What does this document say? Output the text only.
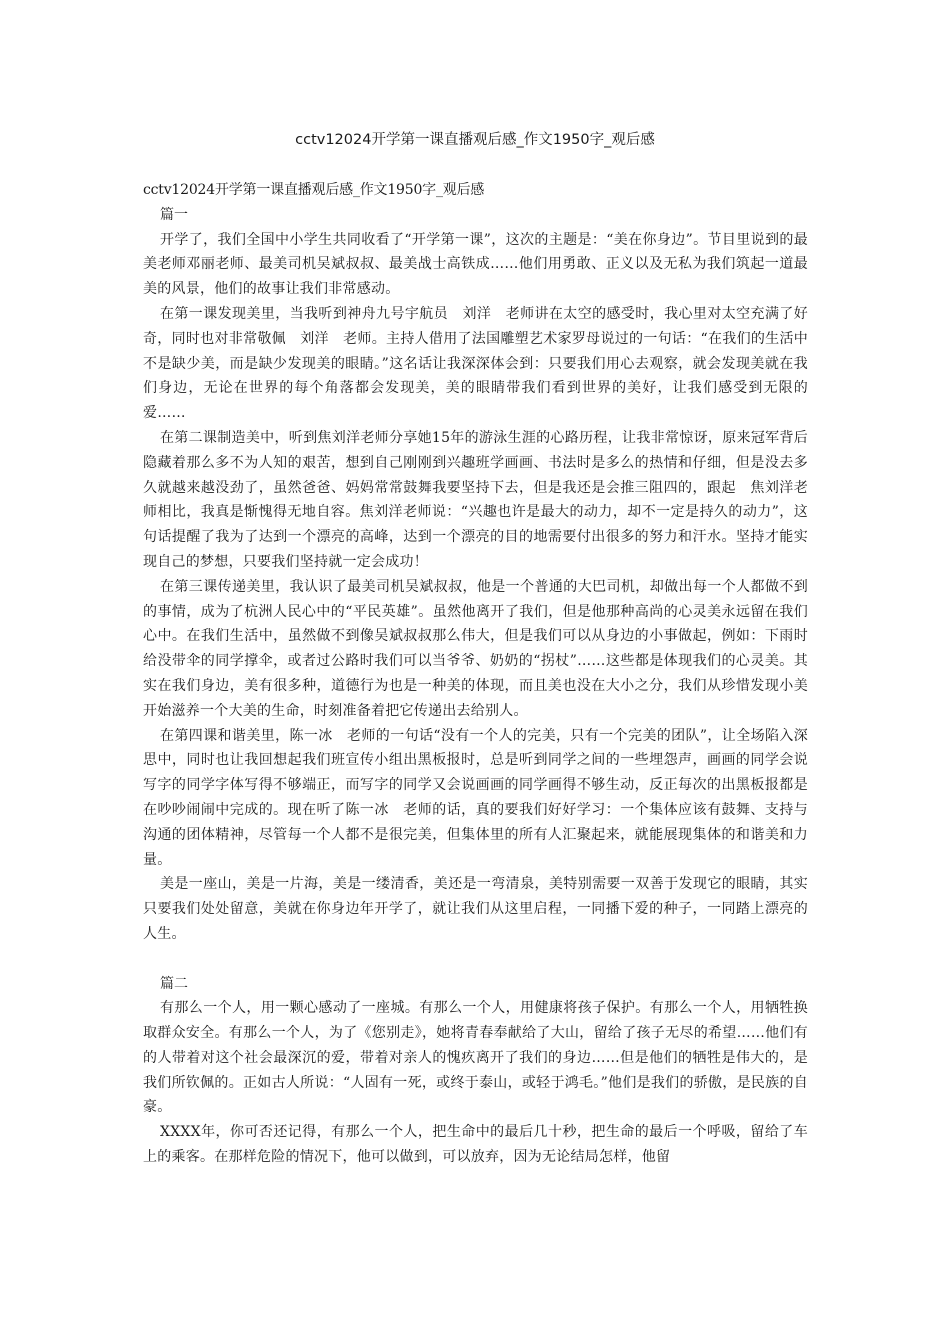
cctv12024开学第一课直播观后感_作文1950字_观后感

cctv12024开学第一课直播观后感_作文1950字_观后感

篇一

开学了，我们全国中小学生共同收看了“开学第一课”，这次的主题是：“美在你身边”。节目里说到的最美老师邓丽老师、最美司机吴斌叔叔、最美战士高铁成……他们用勇敢、正义以及无私为我们筑起一道最美的风景，他们的故事让我们非常感动。

在第一课发现美里，当我听到神舟九号宇航员　刘洋　老师讲在太空的感受时，我心里对太空充满了好奇，同时也对非常敬佩　刘洋　老师。主持人借用了法国雕塑艺术家罗母说过的一句话：“在我们的生活中不是缺少美，而是缺少发现美的眼睛。”这名话让我深深体会到：只要我们用心去观察，就会发现美就在我们身边，无论在世界的每个角落都会发现美，美的眼睛带我们看到世界的美好，让我们感受到无限的爱……

在第二课制造美中，听到焦刘洋老师分享她15年的游泳生涯的心路历程，让我非常惊讶，原来冠军背后隐藏着那么多不为人知的艰苦，想到自己刚刚到兴趣班学画画、书法时是多么的热情和仔细，但是没去多久就越来越没劲了，虽然爸爸、妈妈常常鼓舞我要坚持下去，但是我还是会推三阻四的，跟起　焦刘洋老师相比，我真是惭愧得无地自容。焦刘洋老师说：“兴趣也许是最大的动力，却不一定是持久的动力”，这句话提醒了我为了达到一个漂亮的高峰，达到一个漂亮的目的地需要付出很多的努力和汗水。坚持才能实现自己的梦想，只要我们坚持就一定会成功！

在第三课传递美里，我认识了最美司机吴斌叔叔，他是一个普通的大巴司机，却做出每一个人都做不到的事情，成为了杭洲人民心中的“平民英雄”。虽然他离开了我们，但是他那种高尚的心灵美永远留在我们心中。在我们生活中，虽然做不到像吴斌叔叔那么伟大，但是我们可以从身边的小事做起，例如：下雨时给没带伞的同学撑伞，或者过公路时我们可以当爷爷、奶奶的“拐杖”……这些都是体现我们的心灵美。其实在我们身边，美有很多种，道德行为也是一种美的体现，而且美也没在大小之分，我们从珍惜发现小美开始滋养一个大美的生命，时刻准备着把它传递出去给别人。

在第四课和谐美里，陈一冰　老师的一句话“没有一个人的完美，只有一个完美的团队”，让全场陷入深思中，同时也让我回想起我们班宣传小组出黑板报时，总是听到同学之间的一些埋怨声，画画的同学会说写字的同学字体写得不够端正，而写字的同学又会说画画的同学画得不够生动，反正每次的出黑板报都是在吵吵闹闹中完成的。现在听了陈一冰　老师的话，真的要我们好好学习：一个集体应该有鼓舞、支持与沟通的团体精神，尽管每一个人都不是很完美，但集体里的所有人汇聚起来，就能展现集体的和谐美和力量。

美是一座山，美是一片海，美是一缕清香，美还是一弯清泉，美特别需要一双善于发现它的眼睛，其实只要我们处处留意，美就在你身边年开学了，就让我们从这里启程，一同播下爱的种子，一同踏上漂亮的人生。

篇二

有那么一个人，用一颗心感动了一座城。有那么一个人，用健康将孩子保护。有那么一个人，用牺牲换取群众安全。有那么一个人，为了《您别走》，她将青春奉献给了大山，留给了孩子无尽的希望……他们有的人带着对这个社会最深沉的爱，带着对亲人的愧疚离开了我们的身边……但是他们的牺牲是伟大的，是我们所钦佩的。正如古人所说：“人固有一死，或终于泰山，或轻于鸿毛。”他们是我们的骄傲，是民族的自豪。

XXXX年，你可否还记得，有那么一个人，把生命中的最后几十秒，把生命的最后一个呼吸，留给了车上的乘客。在那样危险的情况下，他可以做到，可以放弃，因为无论结局怎样，他留
